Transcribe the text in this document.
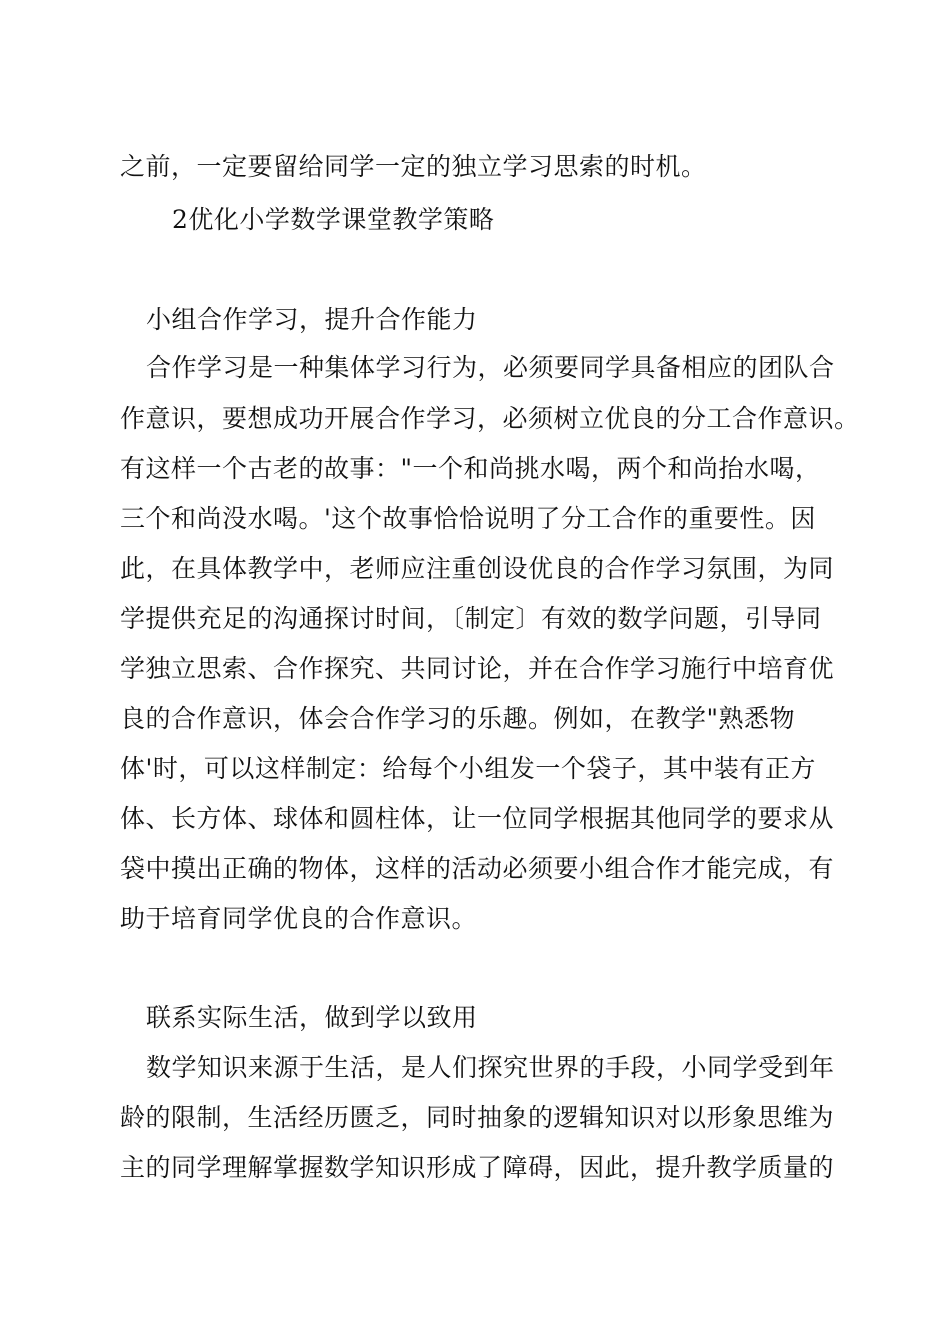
之前，一定要留给同学一定的独立学习思索的时机。
2优化小学数学课堂教学策略
小组合作学习，提升合作能力
合作学习是一种集体学习行为，必须要同学具备相应的团队合
作意识，要想成功开展合作学习，必须树立优良的分工合作意识。
有这样一个古老的故事："一个和尚挑水喝，两个和尚抬水喝，
三个和尚没水喝。'这个故事恰恰说明了分工合作的重要性。因
此，在具体教学中，老师应注重创设优良的合作学习氛围，为同
学提供充足的沟通探讨时间，〔制定〕有效的数学问题，引导同
学独立思索、合作探究、共同讨论，并在合作学习施行中培育优
良的合作意识，体会合作学习的乐趣。例如，在教学"熟悉物
体'时，可以这样制定：给每个小组发一个袋子，其中装有正方
体、长方体、球体和圆柱体，让一位同学根据其他同学的要求从
袋中摸出正确的物体，这样的活动必须要小组合作才能完成，有
助于培育同学优良的合作意识。
联系实际生活，做到学以致用
数学知识来源于生活，是人们探究世界的手段，小同学受到年
龄的限制，生活经历匮乏，同时抽象的逻辑知识对以形象思维为
主的同学理解掌握数学知识形成了障碍，因此，提升教学质量的
